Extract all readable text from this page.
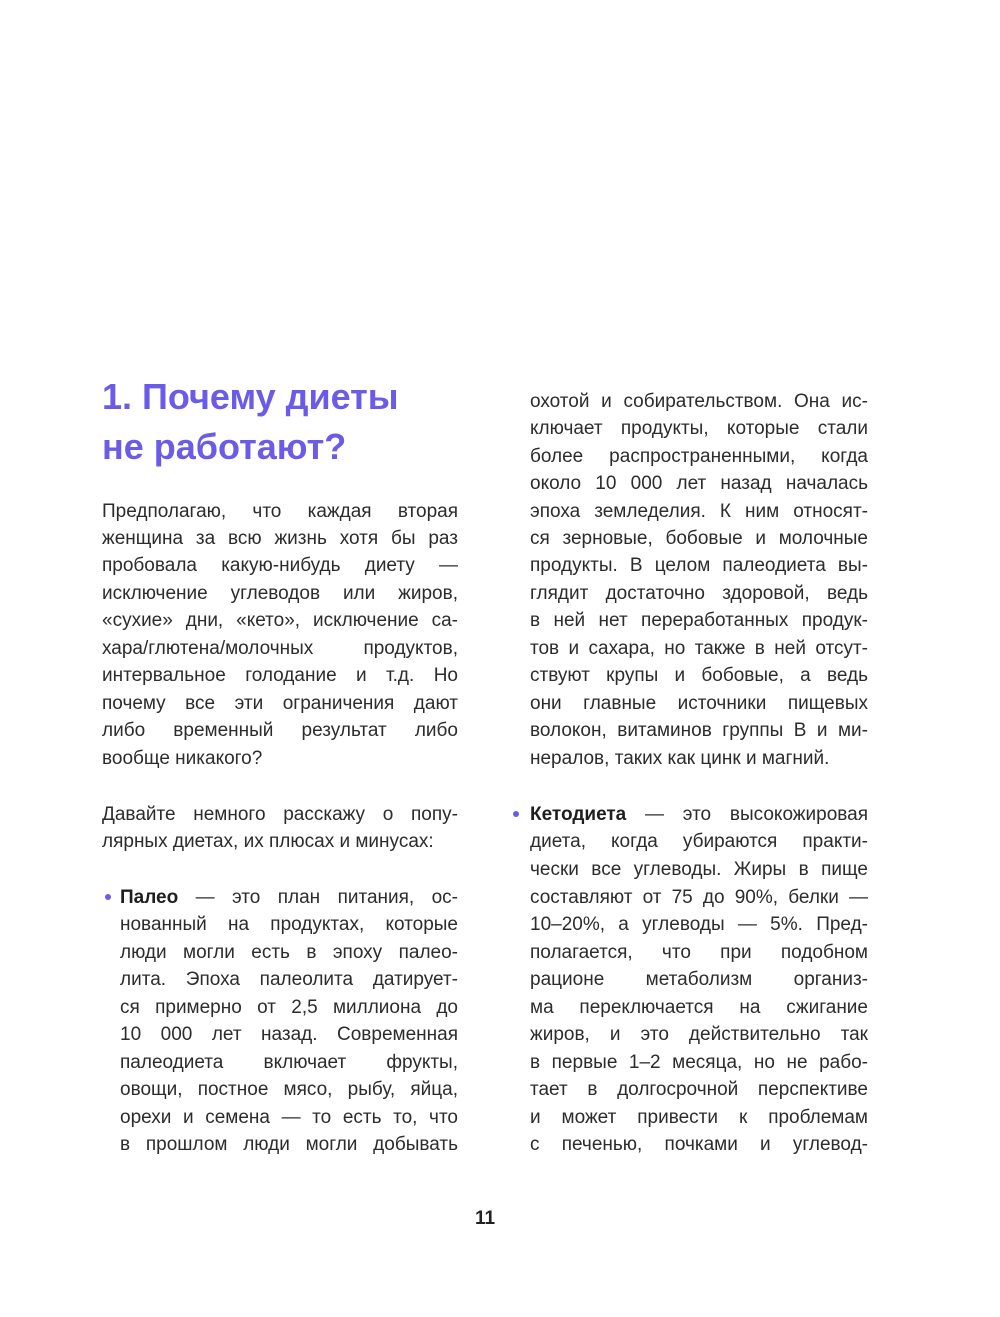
1. Почему диеты
не работают?
Предполагаю, что каждая вторая
женщина за всю жизнь хотя бы раз
пробовала какую-нибудь диету —
исключение углеводов или жиров,
«сухие» дни, «кето», исключение са-
хара/глютена/молочных продуктов,
интервальное голодание и т.д. Но
почему все эти ограничения дают
либо временный результат либо
вообще никакого?
Давайте немного расскажу о попу-
лярных диетах, их плюсах и минусах:
Палео — это план питания, ос-
нованный на продуктах, которые
люди могли есть в эпоху палео-
лита. Эпоха палеолита датирует-
ся примерно от 2,5 миллиона до
10 000 лет назад. Современная
палеодиета включает фрукты,
овощи, постное мясо, рыбу, яйца,
орехи и семена — то есть то, что
в прошлом люди могли добывать
охотой и собирательством. Она ис-
ключает продукты, которые стали
более распространенными, когда
около 10 000 лет назад началась
эпоха земледелия. К ним относят-
ся зерновые, бобовые и молочные
продукты. В целом палеодиета вы-
глядит достаточно здоровой, ведь
в ней нет переработанных продук-
тов и сахара, но также в ней отсут-
ствуют крупы и бобовые, а ведь
они главные источники пищевых
волокон, витаминов группы В и ми-
нералов, таких как цинк и магний.
Кетодиета — это высокожировая
диета, когда убираются практи-
чески все углеводы. Жиры в пище
составляют от 75 до 90%, белки —
10–20%, а углеводы — 5%. Пред-
полагается, что при подобном
рационе метаболизм организ-
ма переключается на сжигание
жиров, и это действительно так
в первые 1–2 месяца, но не рабо-
тает в долгосрочной перспективе
и может привести к проблемам
с печенью, почками и углевод-
11
